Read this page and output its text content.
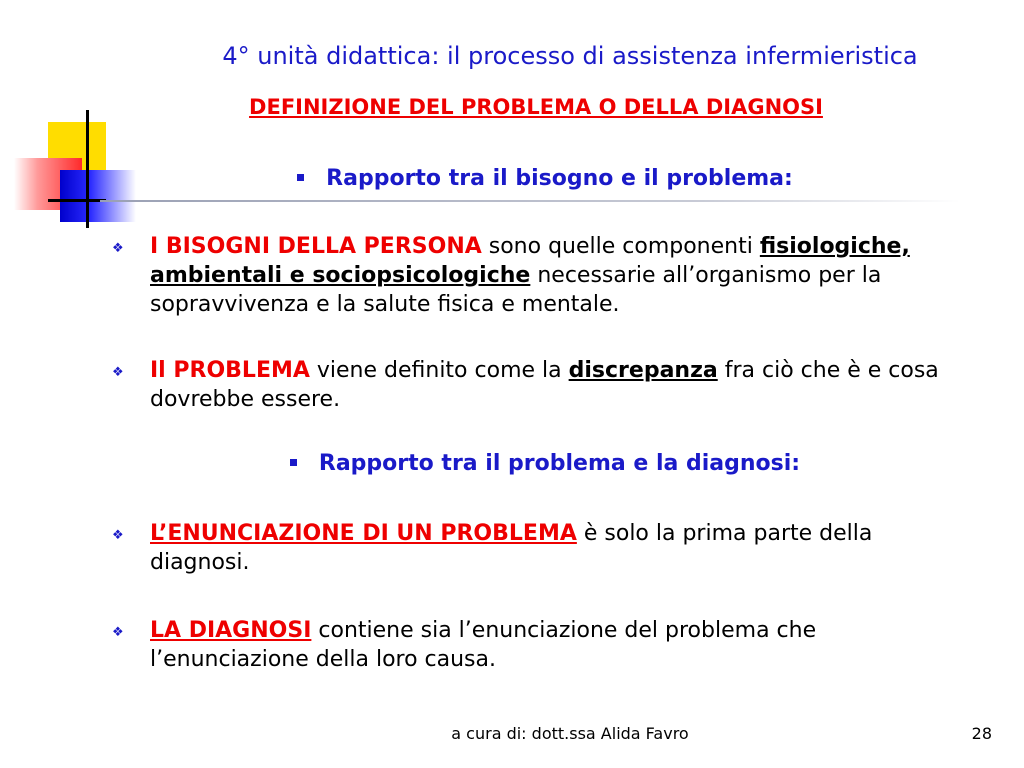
4° unità didattica: il processo di assistenza infermieristica
DEFINIZIONE DEL PROBLEMA O DELLA DIAGNOSI
Rapporto tra il bisogno e il problema:
❖ I BISOGNI DELLA PERSONA sono quelle componenti fisiologiche, ambientali e sociopsicologiche necessarie all’organismo per la sopravvivenza e la salute fisica e mentale.
❖ Il PROBLEMA viene definito come la discrepanza fra ciò che è e cosa dovrebbe essere.
Rapporto tra il problema e la diagnosi:
❖ L’ENUNCIAZIONE DI UN PROBLEMA è solo la prima parte della diagnosi.
❖ LA DIAGNOSI contiene sia l’enunciazione del problema che l’enunciazione della loro causa.
a cura di: dott.ssa Alida Favro	28
